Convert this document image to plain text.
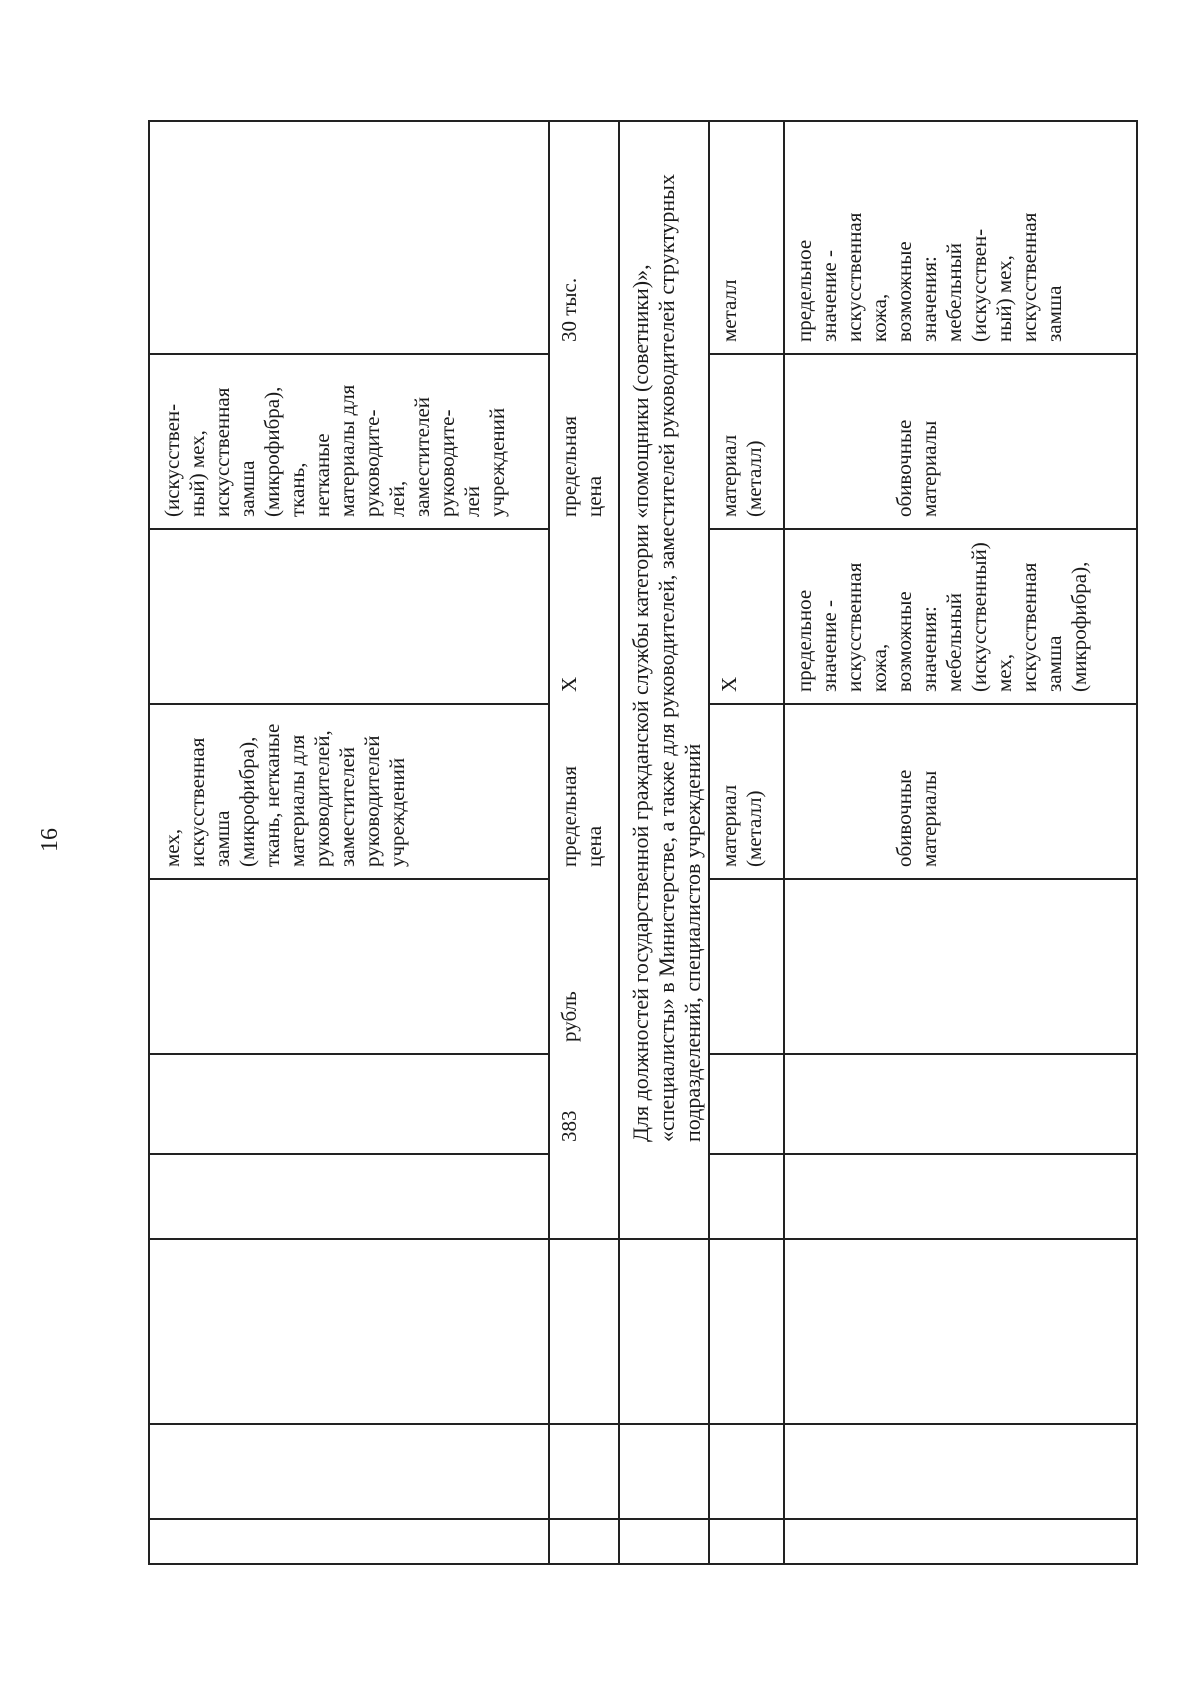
16	мех,
искусственная
замша
(микрофибра),
ткань, нетканые
материалы для
руководителей,
заместителей
руководителей
учреждений
(искусствен-
ный) мех,
искусственная
замша
(микрофибра),
ткань,
нетканые
материалы для
руководите-
лей,
заместителей
руководите-
лей
учреждений
383
рубль
предельная
цена
X
предельная
цена
30 тыс.	Для должностей государственной гражданской службы категории «помощники (советники)», «специалисты» в Министерстве, а также для руководителей, заместителей руководителей структурных подразделений, специалистов учреждений материал
(металл)
X
материал
(металл)
металл
обивочные
материалы
предельное
значение -
искусственная
кожа, возможные
значения:
мебельный
(искусственный)
мех,
искусственная
замша
(микрофибра),
обивочные
материалы
предельное
значение -
искусственная
кожа,
возможные
значения:
мебельный
(искусствен-
ный) мех,
искусственная
замша
